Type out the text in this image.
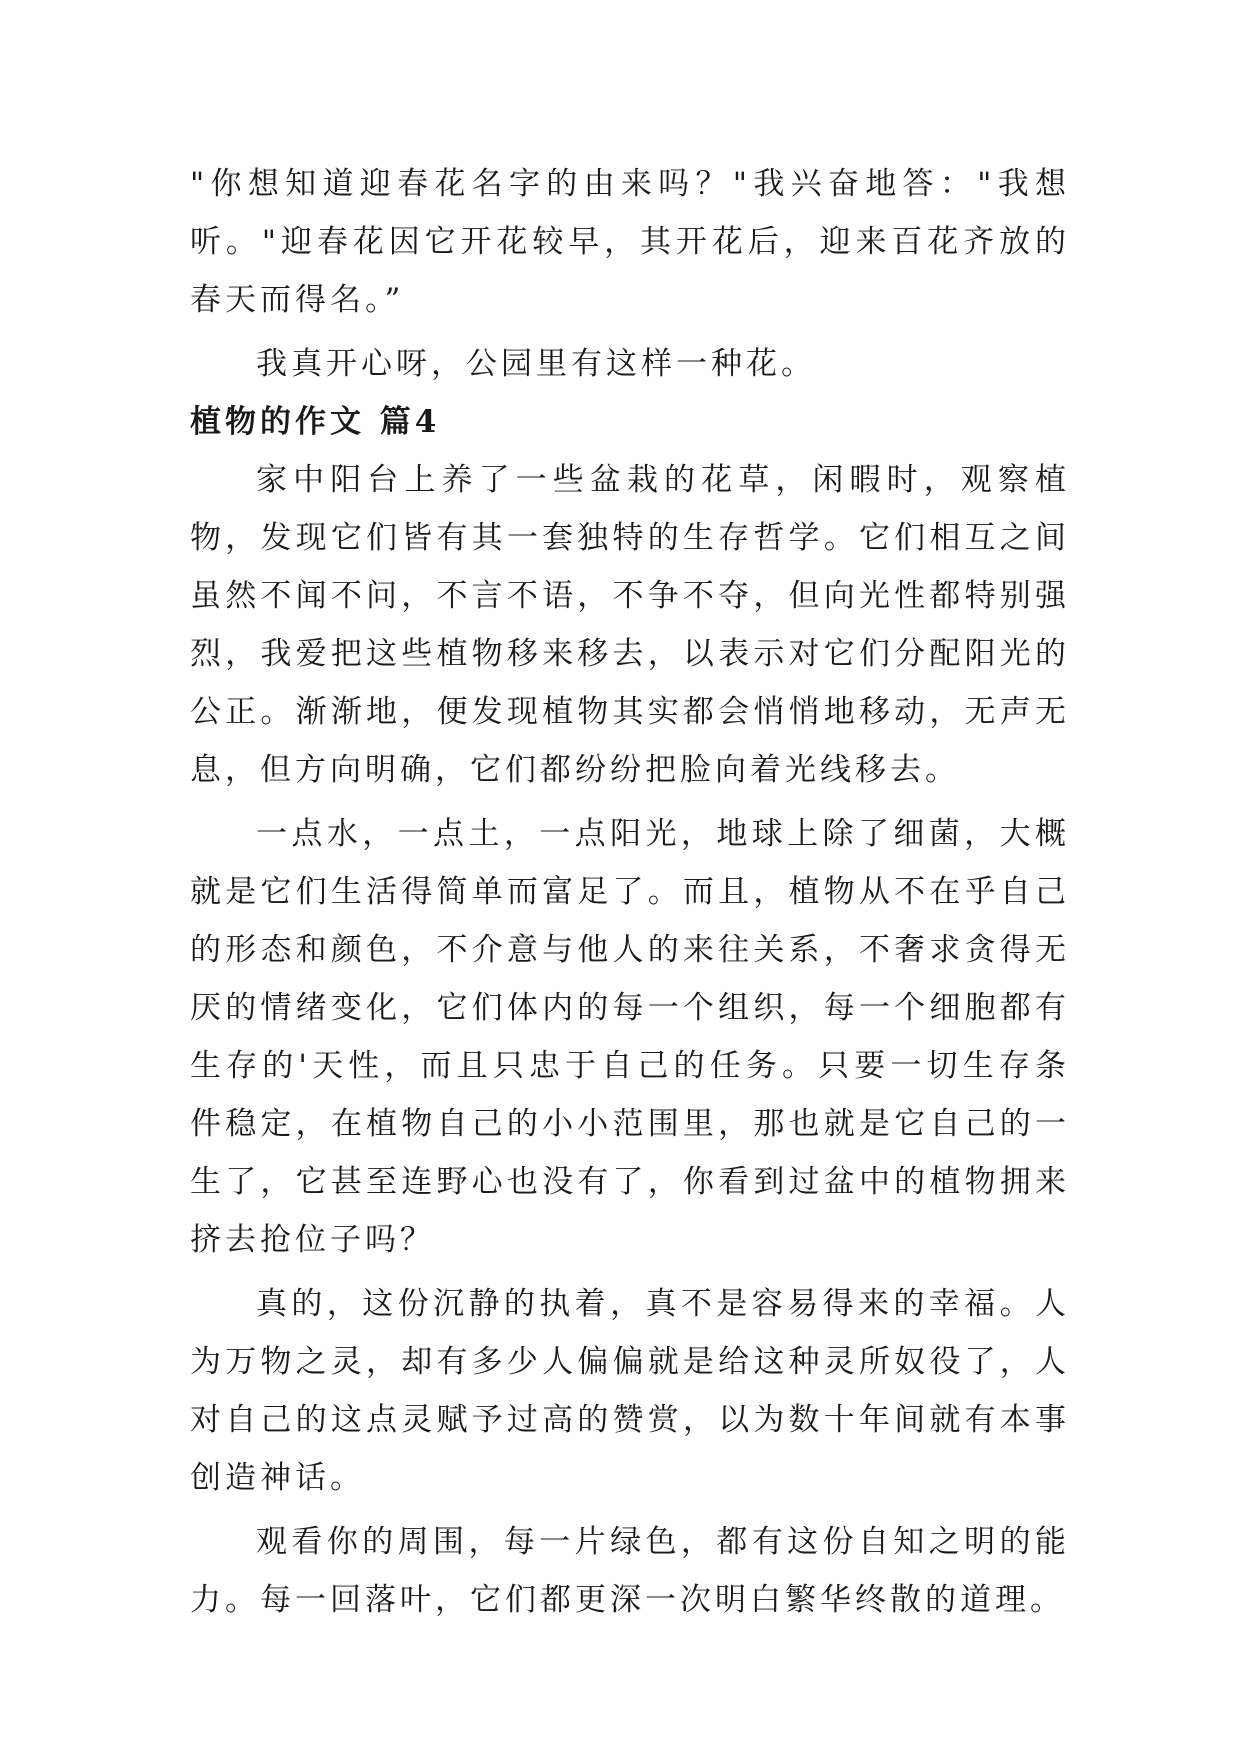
"你想知道迎春花名字的由来吗？"我兴奋地答："我想听。"迎春花因它开花较早，其开花后，迎来百花齐放的春天而得名。”

我真开心呀，公园里有这样一种花。

植物的作文 篇4

家中阳台上养了一些盆栽的花草，闲暇时，观察植物，发现它们皆有其一套独特的生存哲学。它们相互之间虽然不闻不问，不言不语，不争不夺，但向光性都特别强烈，我爱把这些植物移来移去，以表示对它们分配阳光的公正。渐渐地，便发现植物其实都会悄悄地移动，无声无息，但方向明确，它们都纷纷把脸向着光线移去。

一点水，一点土，一点阳光，地球上除了细菌，大概就是它们生活得简单而富足了。而且，植物从不在乎自己的形态和颜色，不介意与他人的来往关系，不奢求贪得无厌的情绪变化，它们体内的每一个组织，每一个细胞都有生存的'天性，而且只忠于自己的任务。只要一切生存条件稳定，在植物自己的小小范围里，那也就是它自己的一生了，它甚至连野心也没有了，你看到过盆中的植物拥来挤去抢位子吗？

真的，这份沉静的执着，真不是容易得来的幸福。人为万物之灵，却有多少人偏偏就是给这种灵所奴役了，人对自己的这点灵赋予过高的赞赏，以为数十年间就有本事创造神话。

观看你的周围，每一片绿色，都有这份自知之明的能力。每一回落叶，它们都更深一次明白繁华终散的道理。
